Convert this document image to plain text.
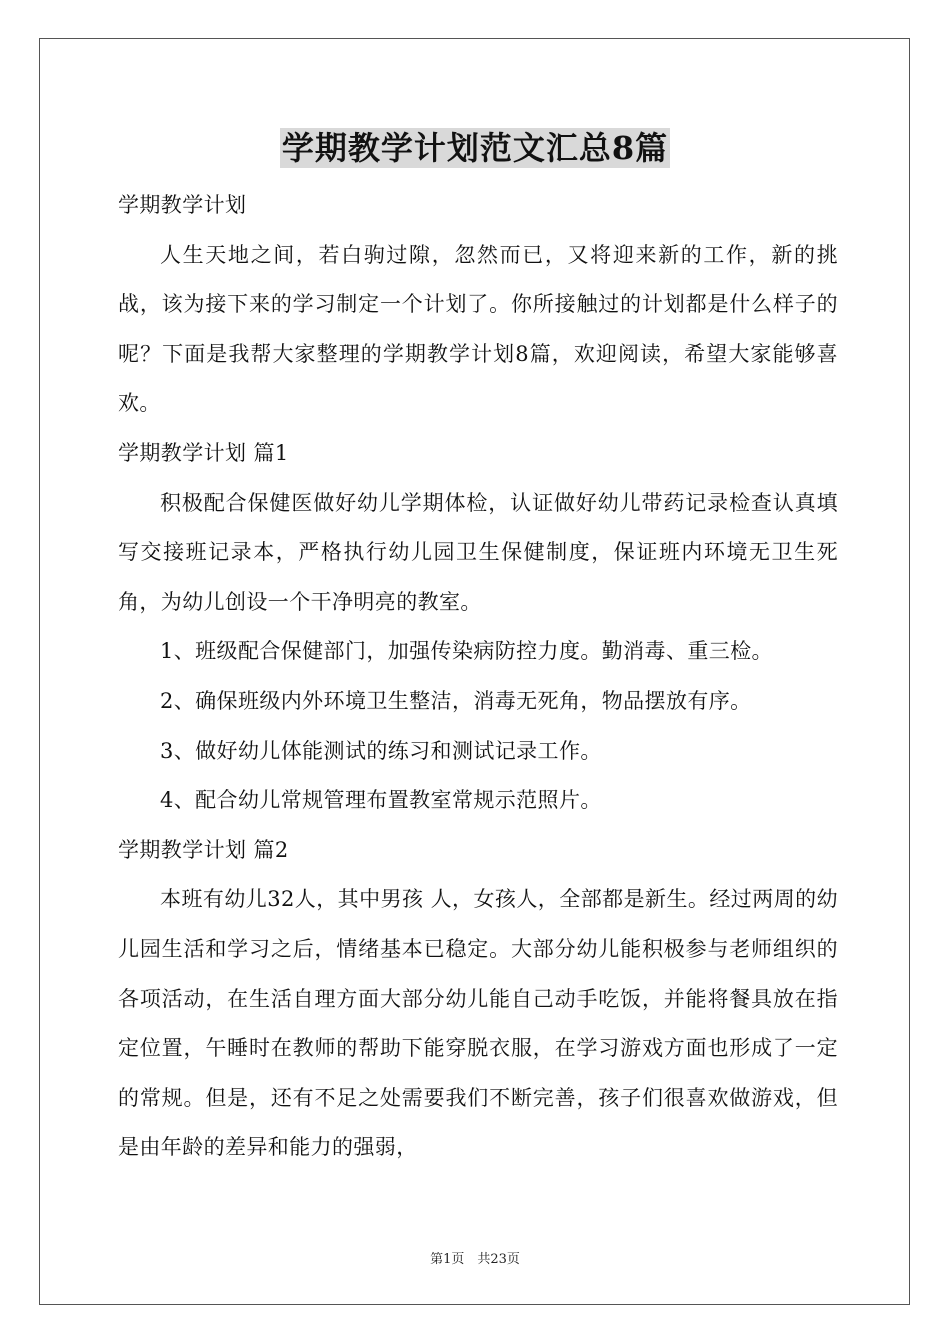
学期教学计划范文汇总8篇

学期教学计划

人生天地之间，若白驹过隙，忽然而已，又将迎来新的工作，新的挑战，该为接下来的学习制定一个计划了。你所接触过的计划都是什么样子的呢？下面是我帮大家整理的学期教学计划8篇，欢迎阅读，希望大家能够喜欢。

学期教学计划 篇1

积极配合保健医做好幼儿学期体检，认证做好幼儿带药记录检查认真填写交接班记录本，严格执行幼儿园卫生保健制度，保证班内环境无卫生死角，为幼儿创设一个干净明亮的教室。

1、班级配合保健部门，加强传染病防控力度。勤消毒、重三检。

2、确保班级内外环境卫生整洁，消毒无死角，物品摆放有序。

3、做好幼儿体能测试的练习和测试记录工作。

4、配合幼儿常规管理布置教室常规示范照片。

学期教学计划 篇2

本班有幼儿32人，其中男孩 人，女孩人，全部都是新生。经过两周的幼儿园生活和学习之后，情绪基本已稳定。大部分幼儿能积极参与老师组织的各项活动，在生活自理方面大部分幼儿能自己动手吃饭，并能将餐具放在指定位置，午睡时在教师的帮助下能穿脱衣服，在学习游戏方面也形成了一定的常规。但是，还有不足之处需要我们不断完善，孩子们很喜欢做游戏，但是由年龄的差异和能力的强弱，

第1页　共23页
